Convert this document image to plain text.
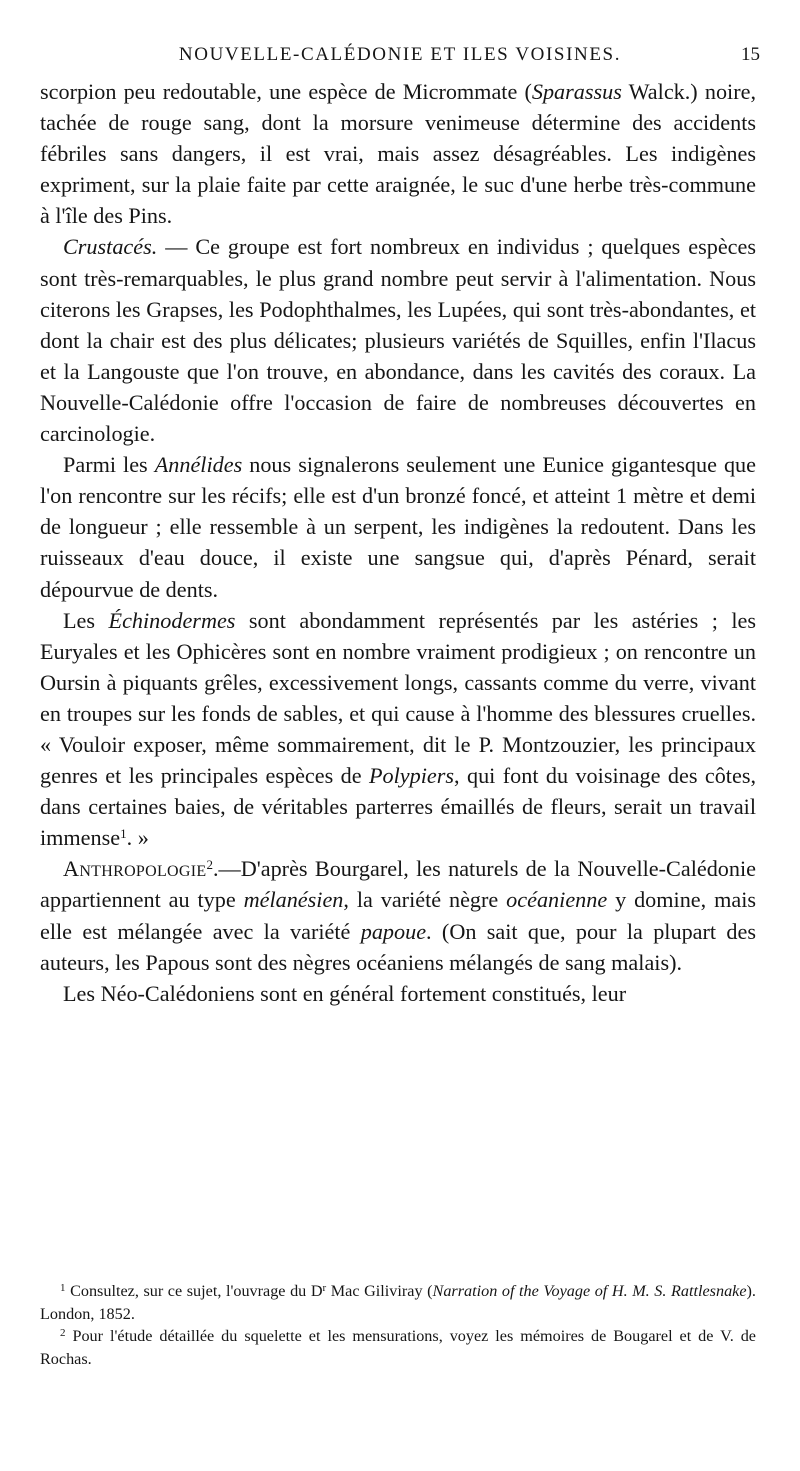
NOUVELLE-CALÉDONIE ET ILES VOISINES.	15

scorpion peu redoutable, une espèce de Micrommate (Sparassus Walck.) noire, tachée de rouge sang, dont la morsure venimeuse détermine des accidents fébriles sans dangers, il est vrai, mais assez désagréables. Les indigènes expriment, sur la plaie faite par cette araignée, le suc d'une herbe très-commune à l'île des Pins.

Crustacés. — Ce groupe est fort nombreux en individus ; quelques espèces sont très-remarquables, le plus grand nombre peut servir à l'alimentation. Nous citerons les Grapses, les Podophthalmes, les Lupées, qui sont très-abondantes, et dont la chair est des plus délicates; plusieurs variétés de Squilles, enfin l'Ilacus et la Langouste que l'on trouve, en abondance, dans les cavités des coraux. La Nouvelle-Calédonie offre l'occasion de faire de nombreuses découvertes en carcinologie.

Parmi les Annélides nous signalerons seulement une Eunice gigantesque que l'on rencontre sur les récifs; elle est d'un bronzé foncé, et atteint 1 mètre et demi de longueur ; elle ressemble à un serpent, les indigènes la redoutent. Dans les ruisseaux d'eau douce, il existe une sangsue qui, d'après Pénard, serait dépourvue de dents.

Les Échinodermes sont abondamment représentés par les astéries ; les Euryales et les Ophicères sont en nombre vraiment prodigieux ; on rencontre un Oursin à piquants grêles, excessivement longs, cassants comme du verre, vivant en troupes sur les fonds de sables, et qui cause à l'homme des blessures cruelles. « Vouloir exposer, même sommairement, dit le P. Montzouzier, les principaux genres et les principales espèces de Polypiers, qui font du voisinage des côtes, dans certaines baies, de véritables parterres émaillés de fleurs, serait un travail immense$^1$. »

Anthropologie$^2$.—D'après Bourgarel, les naturels de la Nouvelle-Calédonie appartiennent au type mélanésien, la variété nègre océanienne y domine, mais elle est mélangée avec la variété papoue. (On sait que, pour la plupart des auteurs, les Papous sont des nègres océaniens mélangés de sang malais).

Les Néo-Calédoniens sont en général fortement constitués, leur

$^1$ Consultez, sur ce sujet, l'ouvrage du $D^r$ Mac Giliviray (Narration of the Voyage of H. M. S. Rattlesnake). London, 1852.

$^2$ Pour l'étude détaillée du squelette et les mensurations, voyez les mémoires de Bougarel et de V. de Rochas.
